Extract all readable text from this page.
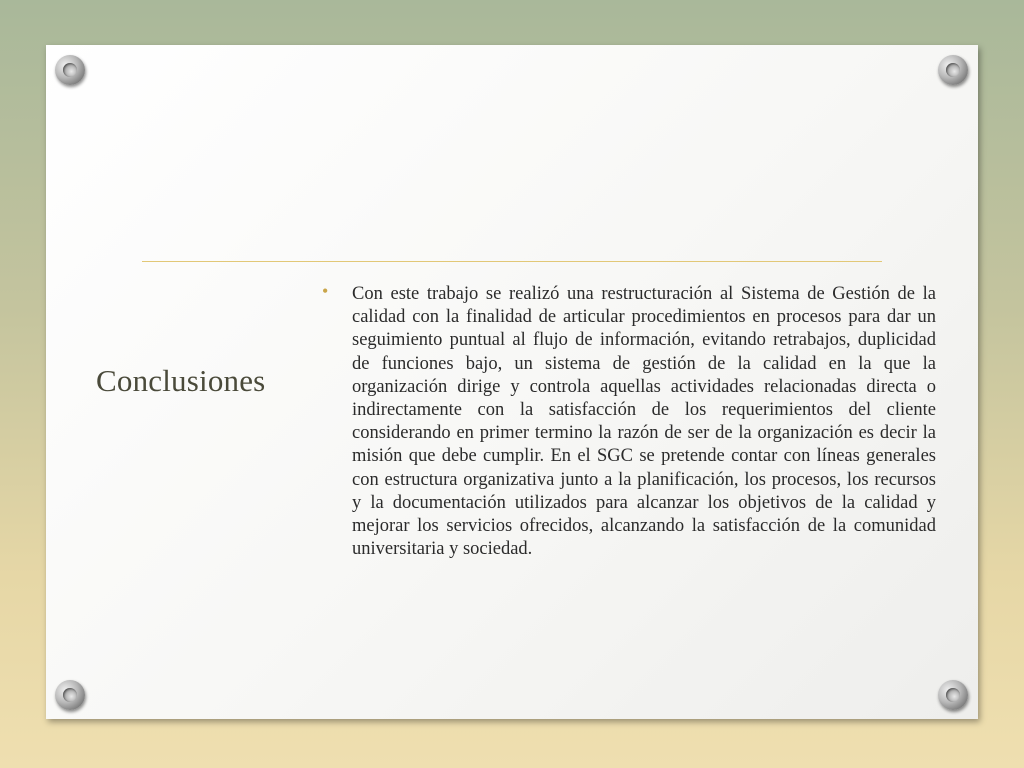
Conclusiones
• Con este trabajo se realizó una restructuración al Sistema de Gestión de la calidad con la finalidad de articular procedimientos en procesos para dar un seguimiento puntual al flujo de información, evitando retrabajos, duplicidad de funciones bajo, un sistema de gestión de la calidad en la que la organización dirige y controla aquellas actividades relacionadas directa o indirectamente con la satisfacción de los requerimientos del cliente considerando en primer termino la razón de ser de la organización es decir la misión que debe cumplir. En el SGC se pretende contar con líneas generales con estructura organizativa junto a la planificación, los procesos, los recursos y la documentación utilizados para alcanzar los objetivos de la calidad y mejorar los servicios ofrecidos, alcanzando la satisfacción de la comunidad universitaria y sociedad.
